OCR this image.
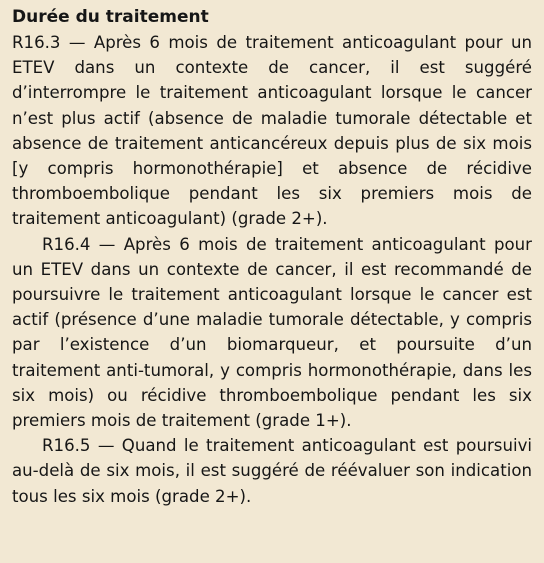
Durée du traitement

R16.3 — Après 6 mois de traitement anticoagulant pour un ETEV dans un contexte de cancer, il est suggéré d’interrompre le traitement anticoagulant lorsque le cancer n’est plus actif (absence de maladie tumorale détectable et absence de traitement anticancéreux depuis plus de six mois [y compris hormonothérapie] et absence de récidive thromboembolique pendant les six premiers mois de traitement anticoagulant) (grade 2+).

R16.4 — Après 6 mois de traitement anticoagulant pour un ETEV dans un contexte de cancer, il est recommandé de poursuivre le traitement anticoagulant lorsque le cancer est actif (présence d’une maladie tumorale détectable, y compris par l’existence d’un biomarqueur, et poursuite d’un traitement anti-tumoral, y compris hormonothérapie, dans les six mois) ou récidive thromboembolique pendant les six premiers mois de traitement (grade 1+).

R16.5 — Quand le traitement anticoagulant est poursuivi au-delà de six mois, il est suggéré de réévaluer son indication tous les six mois (grade 2+).
